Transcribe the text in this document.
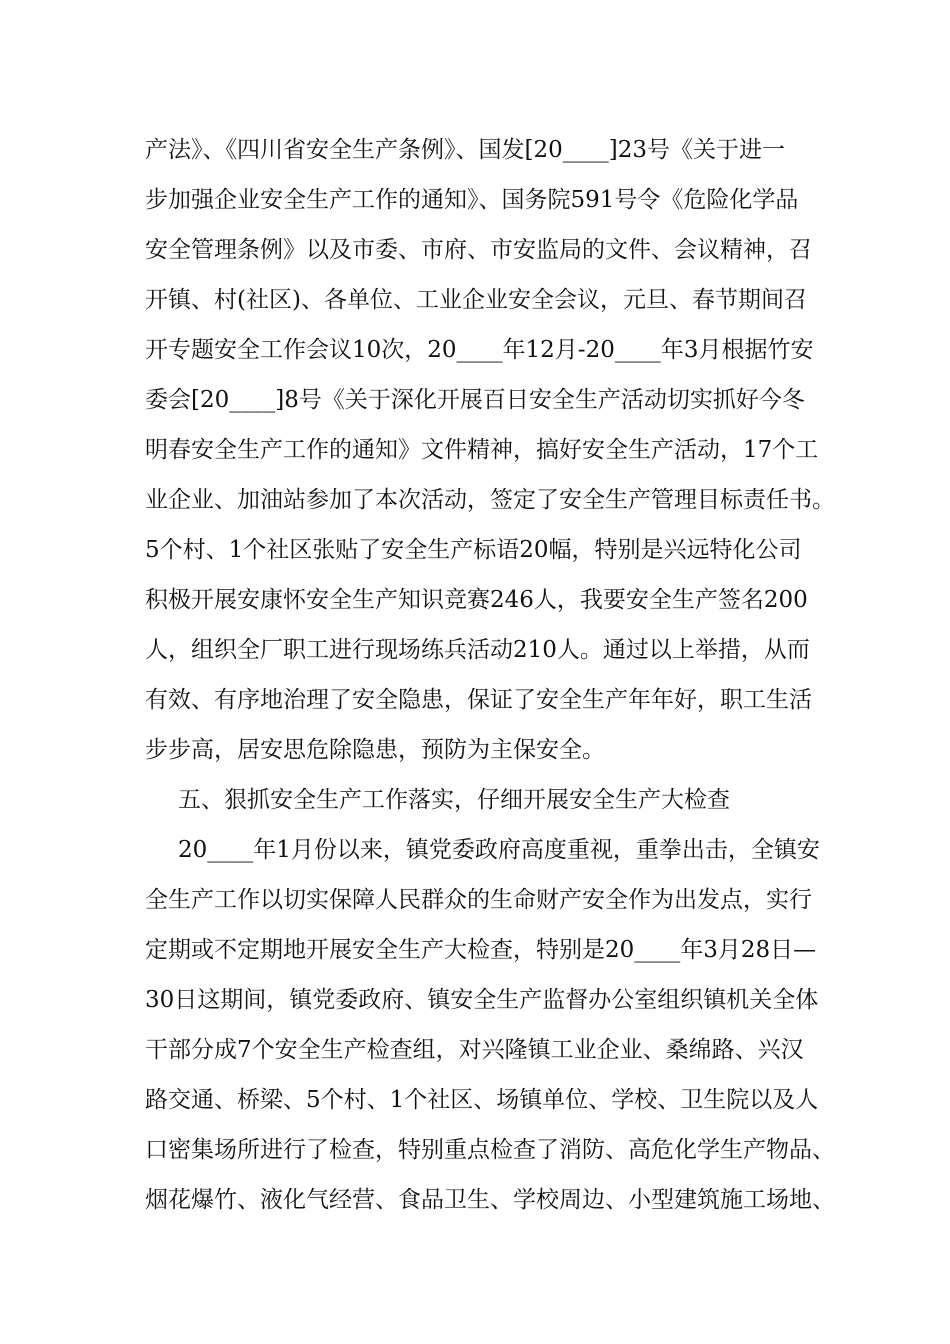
产法》、《四川省安全生产条例》、国发[20____]23号《关于进一
步加强企业安全生产工作的通知》、国务院591号令《危险化学品
安全管理条例》以及市委、市府、市安监局的文件、会议精神，召
开镇、村(社区)、各单位、工业企业安全会议，元旦、春节期间召
开专题安全工作会议10次，20____年12月-20____年3月根据竹安
委会[20____]8号《关于深化开展百日安全生产活动切实抓好今冬
明春安全生产工作的通知》文件精神，搞好安全生产活动，17个工
业企业、加油站参加了本次活动，签定了安全生产管理目标责任书。
5个村、1个社区张贴了安全生产标语20幅，特别是兴远特化公司
积极开展安康怀安全生产知识竞赛246人，我要安全生产签名200
人，组织全厂职工进行现场练兵活动210人。通过以上举措，从而
有效、有序地治理了安全隐患，保证了安全生产年年好，职工生活
步步高，居安思危除隐患，预防为主保安全。
五、狠抓安全生产工作落实，仔细开展安全生产大检查
20____年1月份以来，镇党委政府高度重视，重拳出击，全镇安
全生产工作以切实保障人民群众的生命财产安全作为出发点，实行
定期或不定期地开展安全生产大检查，特别是20____年3月28日—
30日这期间，镇党委政府、镇安全生产监督办公室组织镇机关全体
干部分成7个安全生产检查组，对兴隆镇工业企业、桑绵路、兴汉
路交通、桥梁、5个村、1个社区、场镇单位、学校、卫生院以及人
口密集场所进行了检查，特别重点检查了消防、高危化学生产物品、
烟花爆竹、液化气经营、食品卫生、学校周边、小型建筑施工场地、
